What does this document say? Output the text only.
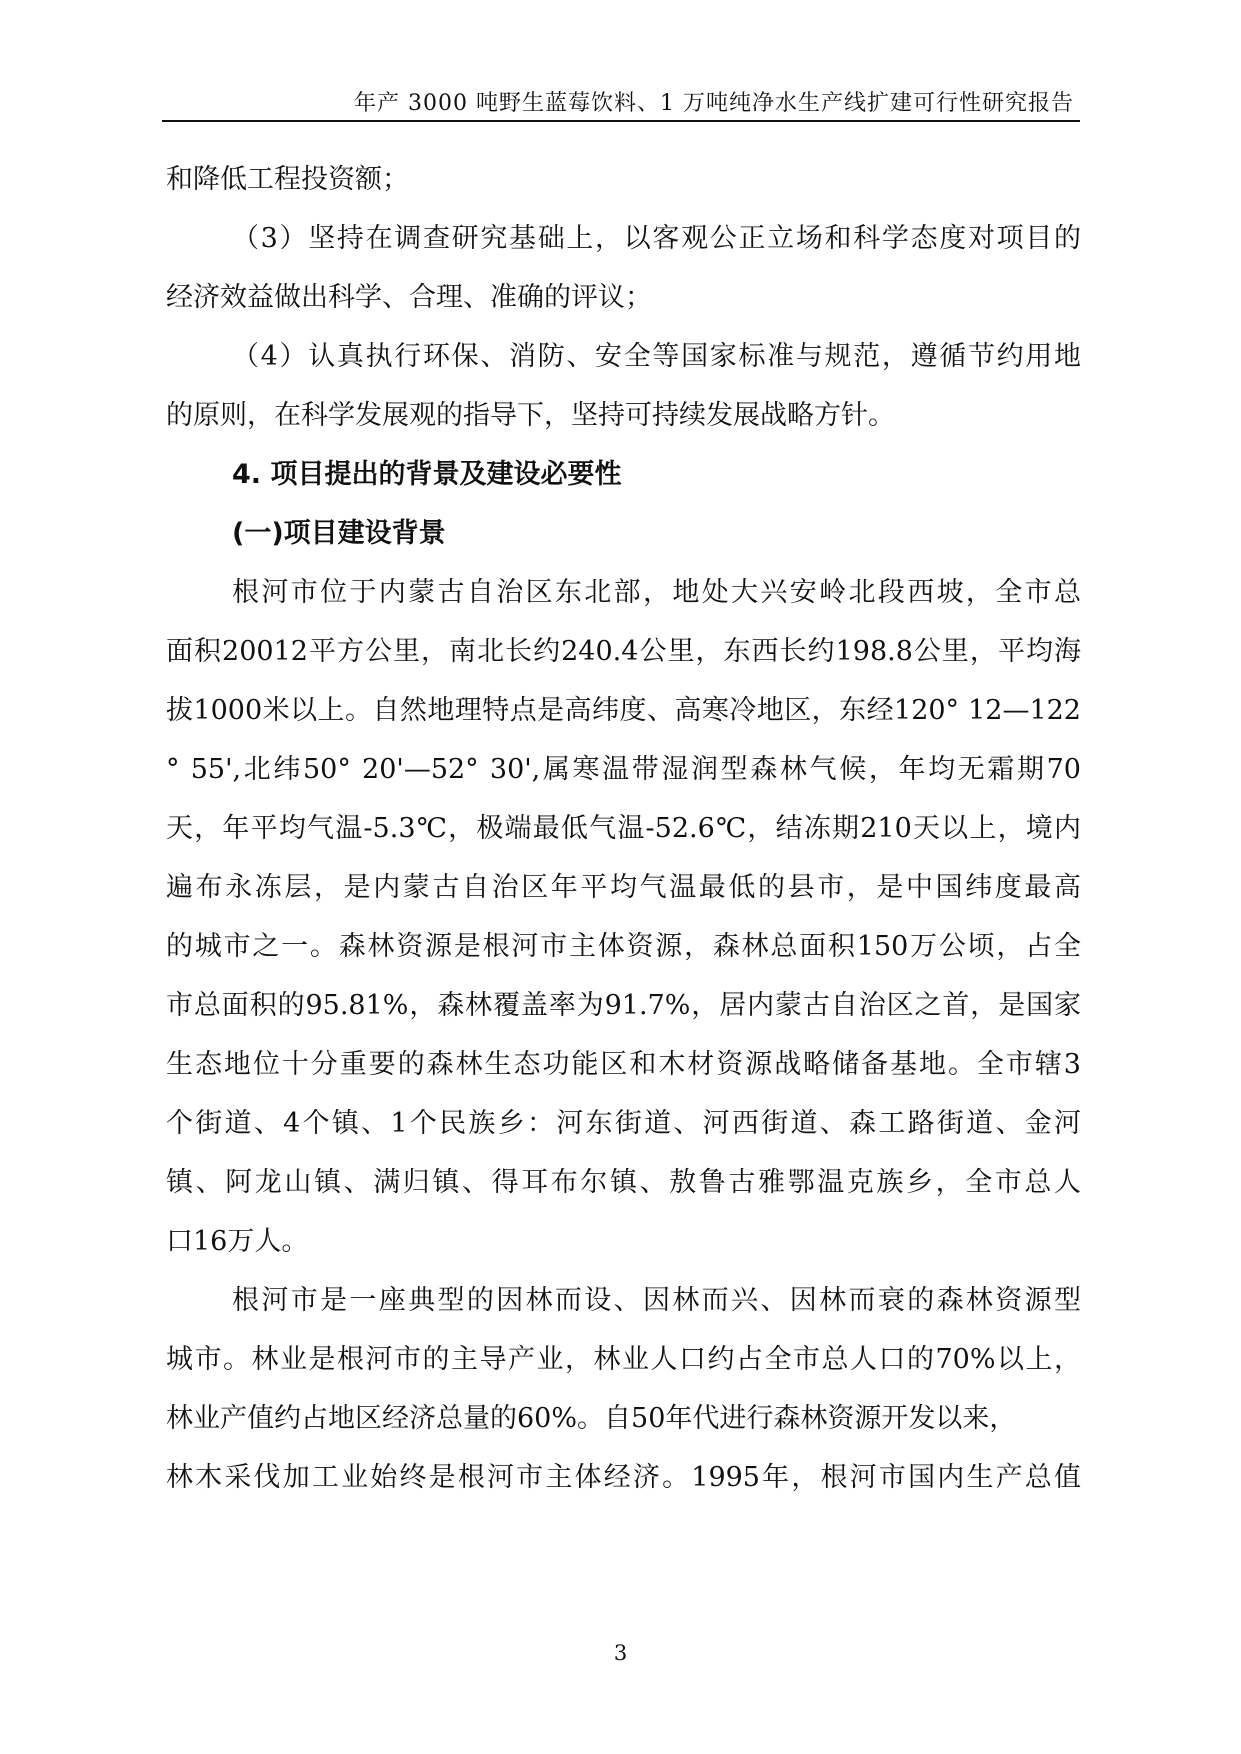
年产 3000 吨野生蓝莓饮料、1 万吨纯净水生产线扩建可行性研究报告
和降低工程投资额；
（3）坚持在调查研究基础上，以客观公正立场和科学态度对项目的
经济效益做出科学、合理、准确的评议；
（4）认真执行环保、消防、安全等国家标准与规范，遵循节约用地
的原则，在科学发展观的指导下，坚持可持续发展战略方针。
4. 项目提出的背景及建设必要性
(一)项目建设背景
根河市位于内蒙古自治区东北部，地处大兴安岭北段西坡，全市总
面积20012平方公里，南北长约240.4公里，东西长约198.8公里，平均海
拔1000米以上。自然地理特点是高纬度、高寒冷地区，东经120° 12—122
° 55',北纬50° 20'—52° 30',属寒温带湿润型森林气候，年均无霜期70
天，年平均气温-5.3℃，极端最低气温-52.6℃，结冻期210天以上，境内
遍布永冻层，是内蒙古自治区年平均气温最低的县市，是中国纬度最高
的城市之一。森林资源是根河市主体资源，森林总面积150万公顷，占全
市总面积的95.81%，森林覆盖率为91.7%，居内蒙古自治区之首，是国家
生态地位十分重要的森林生态功能区和木材资源战略储备基地。全市辖3
个街道、4个镇、1个民族乡：河东街道、河西街道、森工路街道、金河
镇、阿龙山镇、满归镇、得耳布尔镇、敖鲁古雅鄂温克族乡，全市总人
口16万人。
根河市是一座典型的因林而设、因林而兴、因林而衰的森林资源型
城市。林业是根河市的主导产业，林业人口约占全市总人口的70%以上，
林业产值约占地区经济总量的60%。自50年代进行森林资源开发以来，
林木采伐加工业始终是根河市主体经济。1995年，根河市国内生产总值
3
